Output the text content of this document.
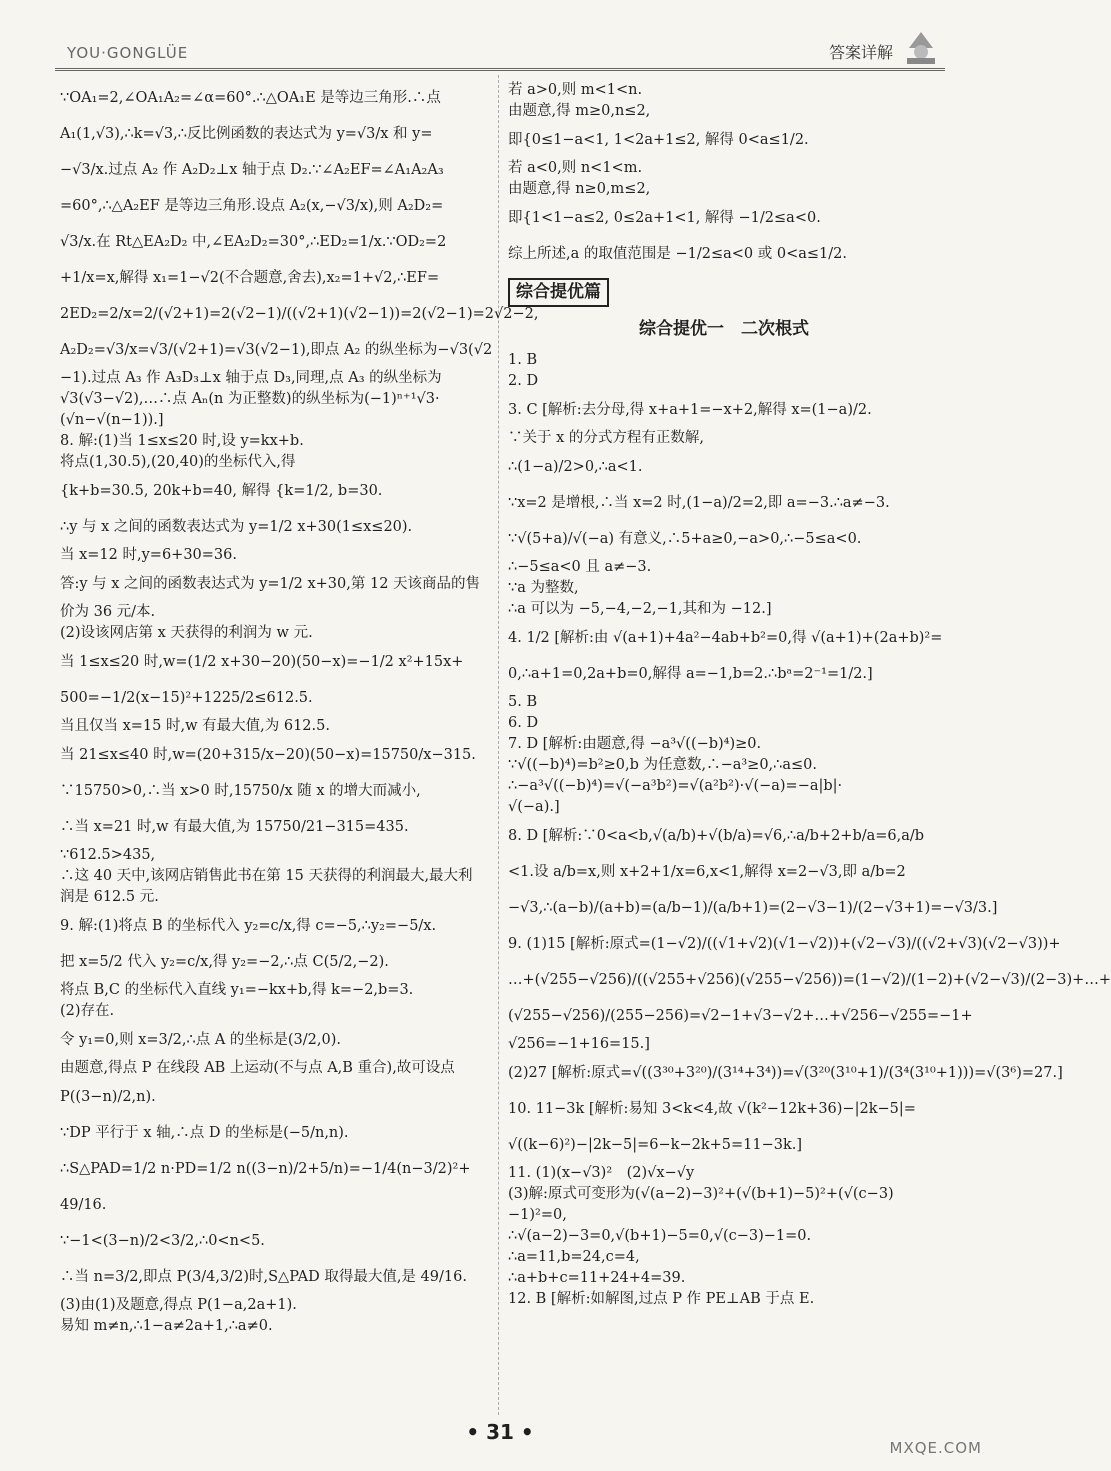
YOU·GONGLÜE	答案详解
∵OA₁=2,∠OA₁A₂=∠α=60°.∴△OA₁E 是等边三角形.∴点
A₁(1,√3),∴k=√3,∴反比例函数的表达式为 y=√3/x 和 y=
−√3/x.过点 A₂ 作 A₂D₂⊥x 轴于点 D₂.∵∠A₂EF=∠A₁A₂A₃
=60°,∴△A₂EF 是等边三角形.设点 A₂(x,−√3/x),则 A₂D₂=
√3/x.在 Rt△EA₂D₂ 中,∠EA₂D₂=30°,∴ED₂=1/x.∵OD₂=2
+1/x=x,解得 x₁=1−√2(不合题意,舍去),x₂=1+√2,∴EF=
2ED₂=2/x=2/(√2+1)=2(√2−1)/((√2+1)(√2−1))=2(√2−1)=2√2−2,
A₂D₂=√3/x=√3/(√2+1)=√3(√2−1),即点 A₂ 的纵坐标为−√3(√2
−1).过点 A₃ 作 A₃D₃⊥x 轴于点 D₃,同理,点 A₃ 的纵坐标为
√3(√3−√2),…∴点 Aₙ(n 为正整数)的纵坐标为(−1)ⁿ⁺¹√3·
(√n−√(n−1)).]
8. 解:(1)当 1≤x≤20 时,设 y=kx+b.
将点(1,30.5),(20,40)的坐标代入,得
{k+b=30.5, 20k+b=40, 解得 {k=1/2, b=30.
∴y 与 x 之间的函数表达式为 y=1/2 x+30(1≤x≤20).
当 x=12 时,y=6+30=36.
答:y 与 x 之间的函数表达式为 y=1/2 x+30,第 12 天该商品的售
价为 36 元/本.
(2)设该网店第 x 天获得的利润为 w 元.
当 1≤x≤20 时,w=(1/2 x+30−20)(50−x)=−1/2 x²+15x+
500=−1/2(x−15)²+1225/2≤612.5.
当且仅当 x=15 时,w 有最大值,为 612.5.
当 21≤x≤40 时,w=(20+315/x−20)(50−x)=15750/x−315.
∵15750>0,∴当 x>0 时,15750/x 随 x 的增大而减小,
∴当 x=21 时,w 有最大值,为 15750/21−315=435.
∵612.5>435,
∴这 40 天中,该网店销售此书在第 15 天获得的利润最大,最大利
润是 612.5 元.
9. 解:(1)将点 B 的坐标代入 y₂=c/x,得 c=−5,∴y₂=−5/x.
把 x=5/2 代入 y₂=c/x,得 y₂=−2,∴点 C(5/2,−2).
将点 B,C 的坐标代入直线 y₁=−kx+b,得 k=−2,b=3.
(2)存在.
令 y₁=0,则 x=3/2,∴点 A 的坐标是(3/2,0).
由题意,得点 P 在线段 AB 上运动(不与点 A,B 重合),故可设点
P((3−n)/2,n).
∵DP 平行于 x 轴,∴点 D 的坐标是(−5/n,n).
∴S△PAD=1/2 n·PD=1/2 n((3−n)/2+5/n)=−1/4(n−3/2)²+
49/16.
∵−1<(3−n)/2<3/2,∴0<n<5.
∴当 n=3/2,即点 P(3/4,3/2)时,S△PAD 取得最大值,是 49/16.
(3)由(1)及题意,得点 P(1−a,2a+1).
易知 m≠n,∴1−a≠2a+1,∴a≠0.
若 a>0,则 m<1<n.
由题意,得 m≥0,n≤2,
即{0≤1−a<1, 1<2a+1≤2, 解得 0<a≤1/2.
若 a<0,则 n<1<m.
由题意,得 n≥0,m≤2,
即{1<1−a≤2, 0≤2a+1<1, 解得 −1/2≤a<0.
综上所述,a 的取值范围是 −1/2≤a<0 或 0<a≤1/2.
综合提优篇
综合提优一　二次根式
1. B
2. D
3. C [解析:去分母,得 x+a+1=−x+2,解得 x=(1−a)/2.
∵关于 x 的分式方程有正数解,
∴(1−a)/2>0,∴a<1.
∵x=2 是增根,∴当 x=2 时,(1−a)/2=2,即 a=−3.∴a≠−3.
∵√(5+a)/√(−a) 有意义,∴5+a≥0,−a>0,∴−5≤a<0.
∴−5≤a<0 且 a≠−3.
∵a 为整数,
∴a 可以为 −5,−4,−2,−1,其和为 −12.]
4. 1/2 [解析:由 √(a+1)+4a²−4ab+b²=0,得 √(a+1)+(2a+b)²=
0,∴a+1=0,2a+b=0,解得 a=−1,b=2.∴bᵃ=2⁻¹=1/2.]
5. B
6. D
7. D [解析:由题意,得 −a³√((−b)⁴)≥0.
∵√((−b)⁴)=b²≥0,b 为任意数,∴−a³≥0,∴a≤0.
∴−a³√((−b)⁴)=√(−a³b²)=√(a²b²)·√(−a)=−a|b|·
√(−a).]
8. D [解析:∵0<a<b,√(a/b)+√(b/a)=√6,∴a/b+2+b/a=6,a/b
<1.设 a/b=x,则 x+2+1/x=6,x<1,解得 x=2−√3,即 a/b=2
−√3,∴(a−b)/(a+b)=(a/b−1)/(a/b+1)=(2−√3−1)/(2−√3+1)=−√3/3.]
9. (1)15 [解析:原式=(1−√2)/((√1+√2)(√1−√2))+(√2−√3)/((√2+√3)(√2−√3))+
…+(√255−√256)/((√255+√256)(√255−√256))=(1−√2)/(1−2)+(√2−√3)/(2−3)+…+
(√255−√256)/(255−256)=√2−1+√3−√2+…+√256−√255=−1+
√256=−1+16=15.]
(2)27 [解析:原式=√((3³⁰+3²⁰)/(3¹⁴+3⁴))=√(3²⁰(3¹⁰+1)/(3⁴(3¹⁰+1)))=√(3⁶)=27.]
10. 11−3k [解析:易知 3<k<4,故 √(k²−12k+36)−|2k−5|=
√((k−6)²)−|2k−5|=6−k−2k+5=11−3k.]
11. (1)(x−√3)²　(2)√x−√y
(3)解:原式可变形为(√(a−2)−3)²+(√(b+1)−5)²+(√(c−3)
−1)²=0,
∴√(a−2)−3=0,√(b+1)−5=0,√(c−3)−1=0.
∴a=11,b=24,c=4,
∴a+b+c=11+24+4=39.
12. B [解析:如解图,过点 P 作 PE⊥AB 于点 E.
• 31 •
MXQE.COM
